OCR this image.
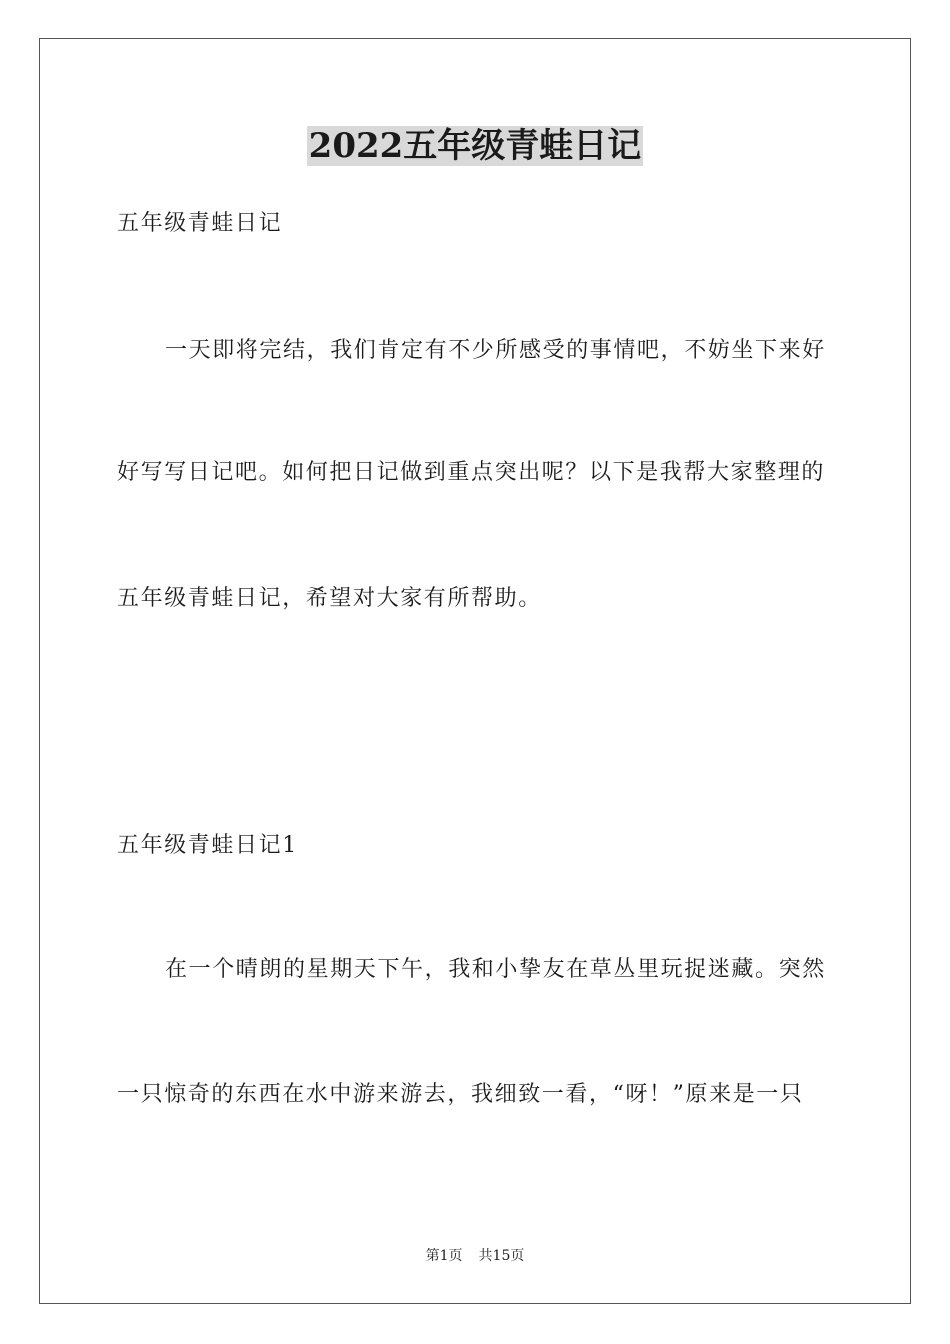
2022五年级青蛙日记
五年级青蛙日记
一天即将完结，我们肯定有不少所感受的事情吧，不妨坐下来好
好写写日记吧。如何把日记做到重点突出呢？以下是我帮大家整理的
五年级青蛙日记，希望对大家有所帮助。
五年级青蛙日记1
在一个晴朗的星期天下午，我和小挚友在草丛里玩捉迷藏。突然
一只惊奇的东西在水中游来游去，我细致一看，“呀！”原来是一只
第1页 共15页
